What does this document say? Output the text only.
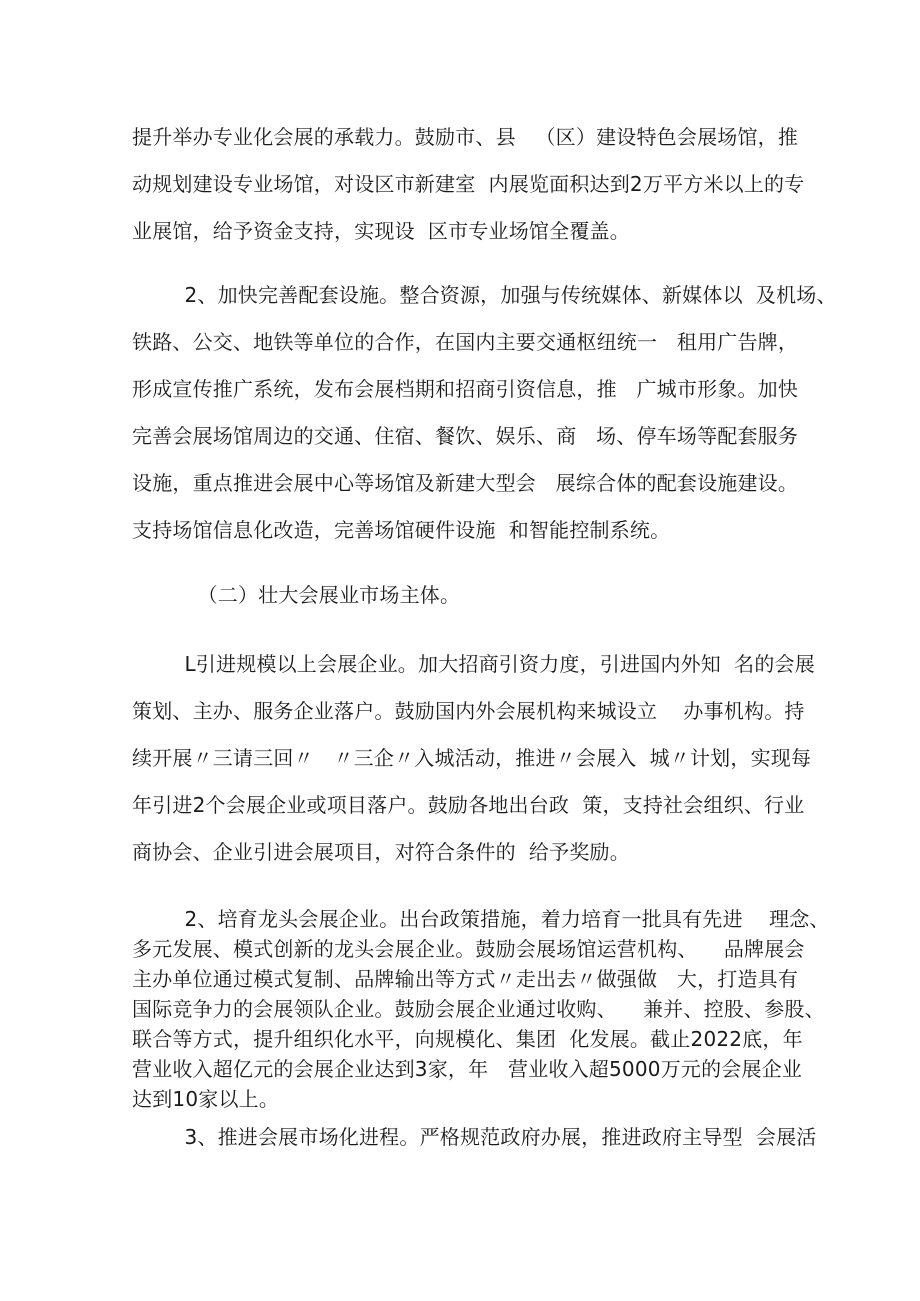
提升举办专业化会展的承载力。鼓励市、县   （区）建设特色会展场馆，推
动规划建设专业场馆，对设区市新建室  内展览面积达到2万平方米以上的专
业展馆，给予资金支持，实现设  区市专业场馆全覆盖。
2、加快完善配套设施。整合资源，加强与传统媒体、新媒体以  及机场、
铁路、公交、地铁等单位的合作，在国内主要交通枢纽统一   租用广告牌，
形成宣传推广系统，发布会展档期和招商引资信息，推   广城市形象。加快
完善会展场馆周边的交通、住宿、餐饮、娱乐、商   场、停车场等配套服务
设施，重点推进会展中心等场馆及新建大型会   展综合体的配套设施建设。
支持场馆信息化改造，完善场馆硬件设施  和智能控制系统。
（二）壮大会展业市场主体。
L引进规模以上会展企业。加大招商引资力度，引进国内外知  名的会展
策划、主办、服务企业落户。鼓励国内外会展机构来城设立    办事机构。持
续开展〃三请三回〃   〃三企〃入城活动，推进〃会展入  城〃计划，实现每
年引进2个会展企业或项目落户。鼓励各地出台政  策，支持社会组织、行业
商协会、企业引进会展项目，对符合条件的  给予奖励。
2、培育龙头会展企业。出台政策措施，着力培育一批具有先进    理念、
多元发展、模式创新的龙头会展企业。鼓励会展场馆运营机构、    品牌展会
主办单位通过模式复制、品牌输出等方式〃走出去〃做强做   大，打造具有
国际竞争力的会展领队企业。鼓励会展企业通过收购、    兼并、控股、参股、
联合等方式，提升组织化水平，向规模化、集团  化发展。截止2022底，年
营业收入超亿元的会展企业达到3家，年   营业收入超5000万元的会展企业
达到10家以上。
3、推进会展市场化进程。严格规范政府办展，推进政府主导型  会展活
